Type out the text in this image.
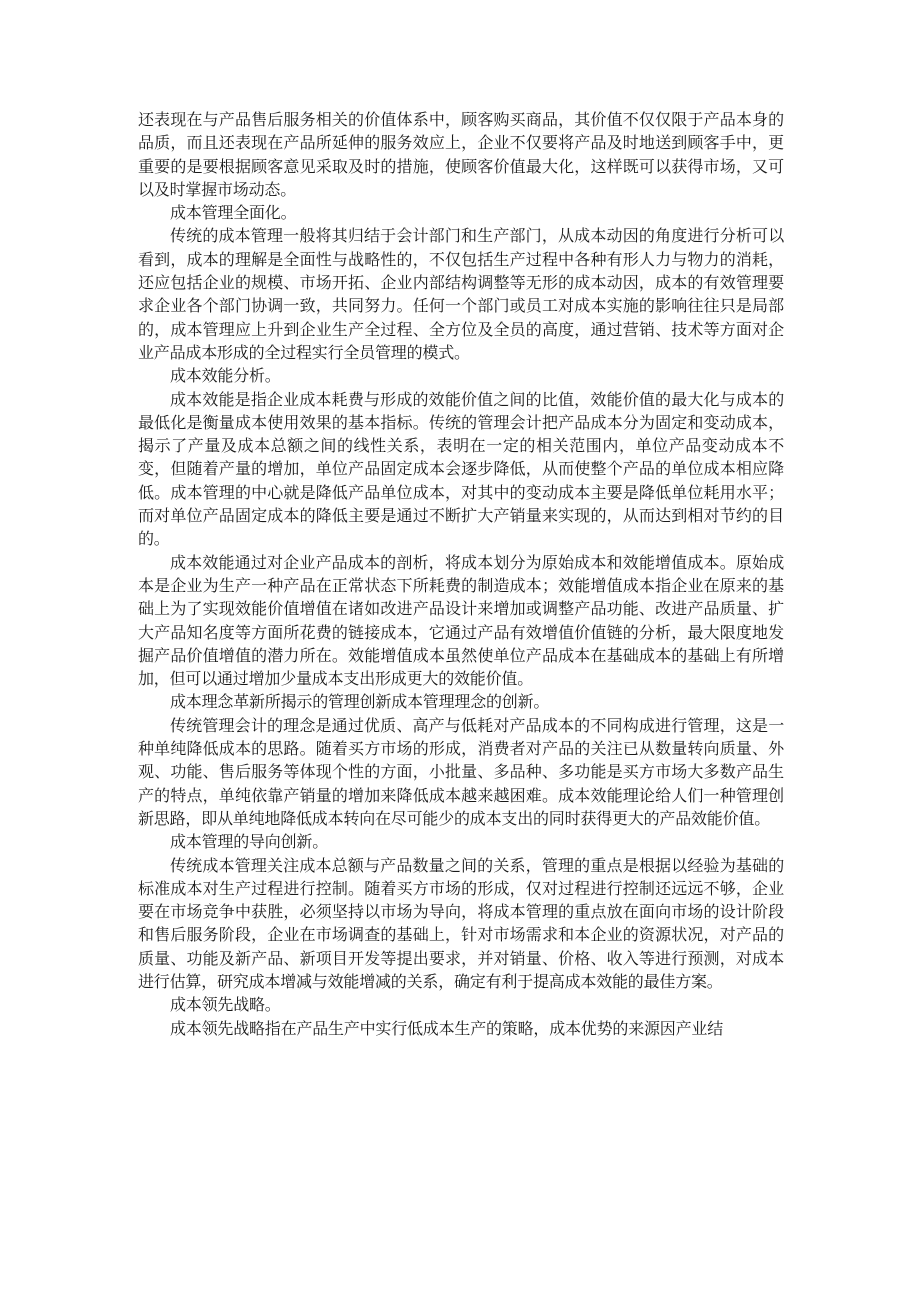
还表现在与产品售后服务相关的价值体系中，顾客购买商品，其价值不仅仅限于产品本身的品质，而且还表现在产品所延伸的服务效应上，企业不仅要将产品及时地送到顾客手中，更重要的是要根据顾客意见采取及时的措施，使顾客价值最大化，这样既可以获得市场，又可以及时掌握市场动态。

成本管理全面化。

传统的成本管理一般将其归结于会计部门和生产部门，从成本动因的角度进行分析可以看到，成本的理解是全面性与战略性的，不仅包括生产过程中各种有形人力与物力的消耗，还应包括企业的规模、市场开拓、企业内部结构调整等无形的成本动因，成本的有效管理要求企业各个部门协调一致，共同努力。任何一个部门或员工对成本实施的影响往往只是局部的，成本管理应上升到企业生产全过程、全方位及全员的高度，通过营销、技术等方面对企业产品成本形成的全过程实行全员管理的模式。

成本效能分析。

成本效能是指企业成本耗费与形成的效能价值之间的比值，效能价值的最大化与成本的最低化是衡量成本使用效果的基本指标。传统的管理会计把产品成本分为固定和变动成本，揭示了产量及成本总额之间的线性关系，表明在一定的相关范围内，单位产品变动成本不变，但随着产量的增加，单位产品固定成本会逐步降低，从而使整个产品的单位成本相应降低。成本管理的中心就是降低产品单位成本，对其中的变动成本主要是降低单位耗用水平；而对单位产品固定成本的降低主要是通过不断扩大产销量来实现的，从而达到相对节约的目的。

成本效能通过对企业产品成本的剖析，将成本划分为原始成本和效能增值成本。原始成本是企业为生产一种产品在正常状态下所耗费的制造成本；效能增值成本指企业在原来的基础上为了实现效能价值增值在诸如改进产品设计来增加或调整产品功能、改进产品质量、扩大产品知名度等方面所花费的链接成本，它通过产品有效增值价值链的分析，最大限度地发掘产品价值增值的潜力所在。效能增值成本虽然使单位产品成本在基础成本的基础上有所增加，但可以通过增加少量成本支出形成更大的效能价值。

成本理念革新所揭示的管理创新成本管理理念的创新。

传统管理会计的理念是通过优质、高产与低耗对产品成本的不同构成进行管理，这是一种单纯降低成本的思路。随着买方市场的形成，消费者对产品的关注已从数量转向质量、外观、功能、售后服务等体现个性的方面，小批量、多品种、多功能是买方市场大多数产品生产的特点，单纯依靠产销量的增加来降低成本越来越困难。成本效能理论给人们一种管理创新思路，即从单纯地降低成本转向在尽可能少的成本支出的同时获得更大的产品效能价值。

成本管理的导向创新。

传统成本管理关注成本总额与产品数量之间的关系，管理的重点是根据以经验为基础的标准成本对生产过程进行控制。随着买方市场的形成，仅对过程进行控制还远远不够，企业要在市场竞争中获胜，必须坚持以市场为导向，将成本管理的重点放在面向市场的设计阶段和售后服务阶段，企业在市场调查的基础上，针对市场需求和本企业的资源状况，对产品的质量、功能及新产品、新项目开发等提出要求，并对销量、价格、收入等进行预测，对成本进行估算，研究成本增减与效能增减的关系，确定有利于提高成本效能的最佳方案。

成本领先战略。

成本领先战略指在产品生产中实行低成本生产的策略，成本优势的来源因产业结
